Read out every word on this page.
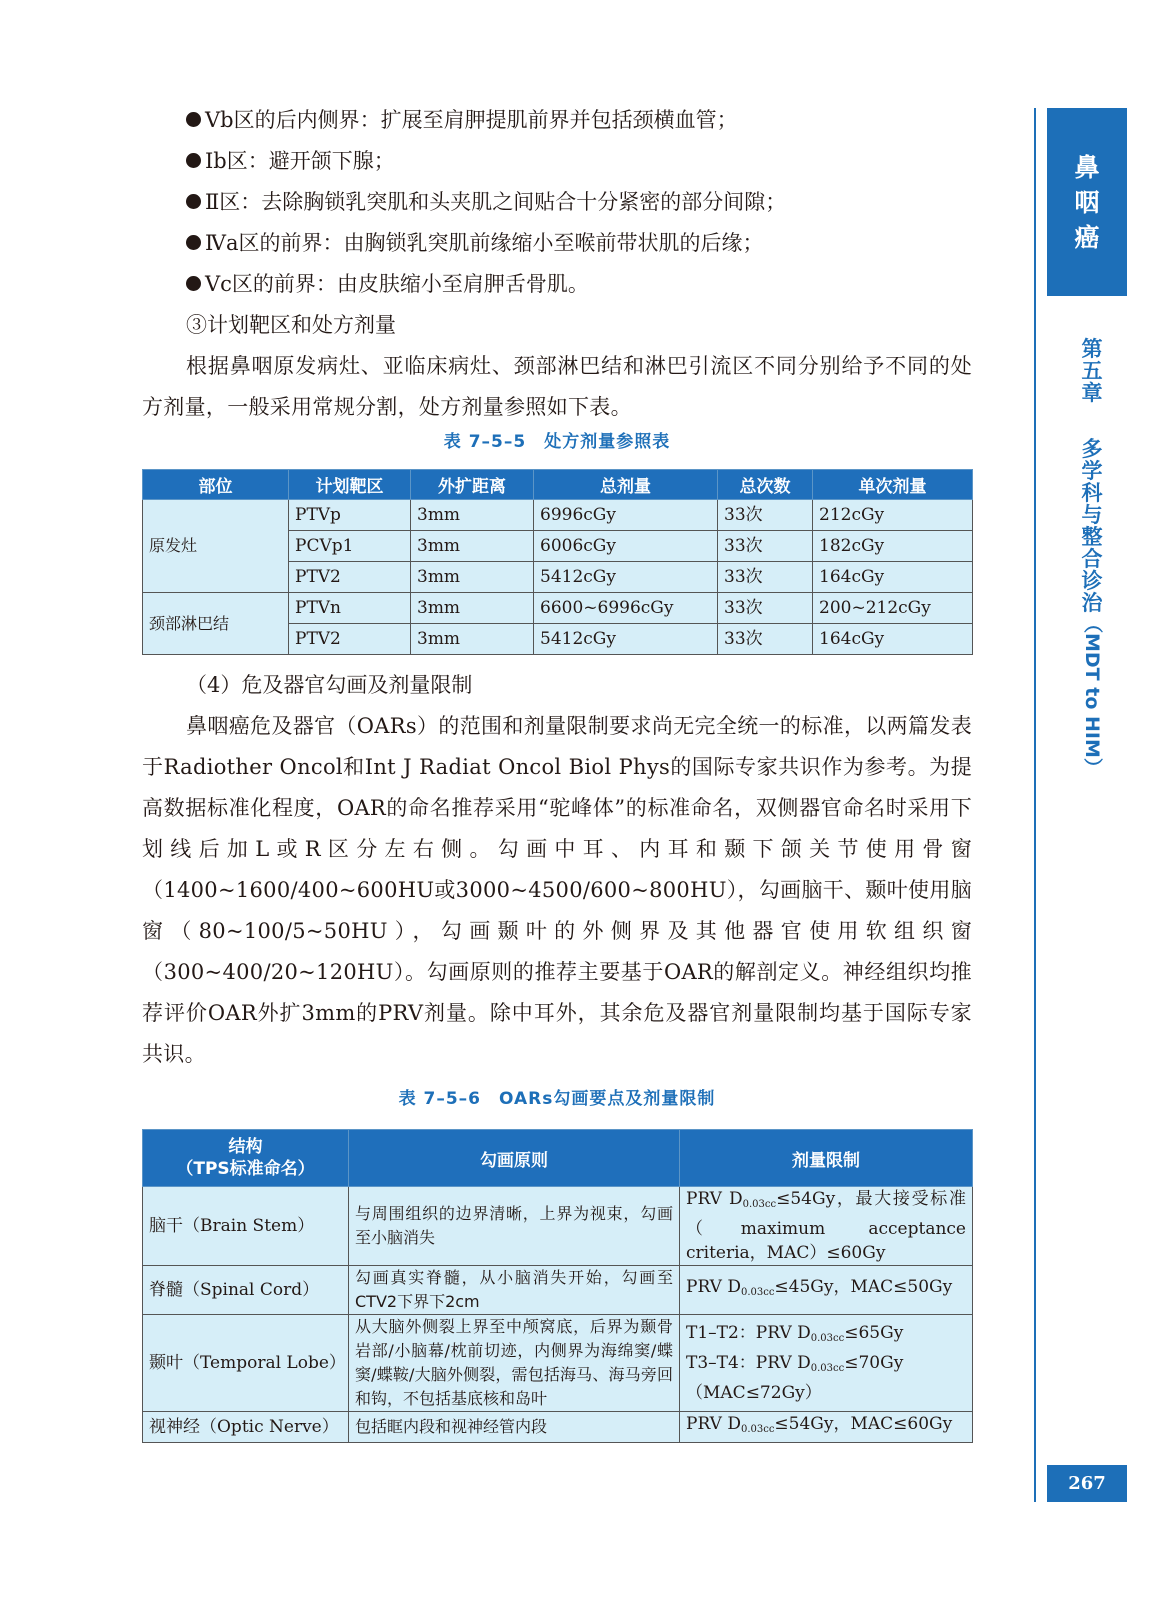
Ⅴb区的后内侧界：扩展至肩胛提肌前界并包括颈横血管；
Ⅰb区：避开颌下腺；
Ⅱ区：去除胸锁乳突肌和头夹肌之间贴合十分紧密的部分间隙；
Ⅳa区的前界：由胸锁乳突肌前缘缩小至喉前带状肌的后缘；
Ⅴc区的前界：由皮肤缩小至肩胛舌骨肌。
③计划靶区和处方剂量
根据鼻咽原发病灶、亚临床病灶、颈部淋巴结和淋巴引流区不同分别给予不同的处方剂量，一般采用常规分割，处方剂量参照如下表。
表 7–5–5　处方剂量参照表
部位	计划靶区	外扩距离	总剂量	总次数	单次剂量
原发灶	PTVp	3mm	6996cGy	33次	212cGy
	PCVp1	3mm	6006cGy	33次	182cGy
	PTV2	3mm	5412cGy	33次	164cGy
颈部淋巴结	PTVn	3mm	6600~6996cGy	33次	200~212cGy
	PTV2	3mm	5412cGy	33次	164cGy
（4）危及器官勾画及剂量限制
鼻咽癌危及器官（OARs）的范围和剂量限制要求尚无完全统一的标准，以两篇发表于Radiother Oncol和Int J Radiat Oncol Biol Phys的国际专家共识作为参考。为提高数据标准化程度，OAR的命名推荐采用“驼峰体”的标准命名，双侧器官命名时采用下划线后加L或R区分左右侧。勾画中耳、内耳和颞下颌关节使用骨窗（1400~1600/400~600HU或3000~4500/600~800HU），勾画脑干、颞叶使用脑窗（80~100/5~50HU），勾画颞叶的外侧界及其他器官使用软组织窗（300~400/20~120HU）。勾画原则的推荐主要基于OAR的解剖定义。神经组织均推荐评价OAR外扩3mm的PRV剂量。除中耳外，其余危及器官剂量限制均基于国际专家共识。
表 7–5–6　OARs勾画要点及剂量限制
结构
（TPS标准命名）	勾画原则	剂量限制
脑干（Brain Stem）	与周围组织的边界清晰，上界为视束，勾画至小脑消失	PRV $D_{0.03cc}\le 54Gy$，最大接受标准（maximum acceptance criteria，MAC）≤60Gy
脊髓（Spinal Cord）	勾画真实脊髓，从小脑消失开始，勾画至CTV2下界下2cm	PRV $D_{0.03cc}\le 45Gy$，MAC≤50Gy
颞叶（Temporal Lobe）	从大脑外侧裂上界至中颅窝底，后界为颞骨岩部/小脑幕/枕前切迹，内侧界为海绵窦/蝶窦/蝶鞍/大脑外侧裂，需包括海马、海马旁回和钩，不包括基底核和岛叶	T1–T2：PRV $D_{0.03cc}\le 65Gy$
T3–T4：PRV $D_{0.03cc}\le 70Gy(MAC\le 72Gy)$

视神经（Optic Nerve）	包括眶内段和视神经管内段	PRV $D_{0.03cc}\le 54Gy$，MAC≤60Gy
鼻
咽
癌
第
五
章
多
学
科
与
整
合
诊
治
（MDT to HIM）
267
